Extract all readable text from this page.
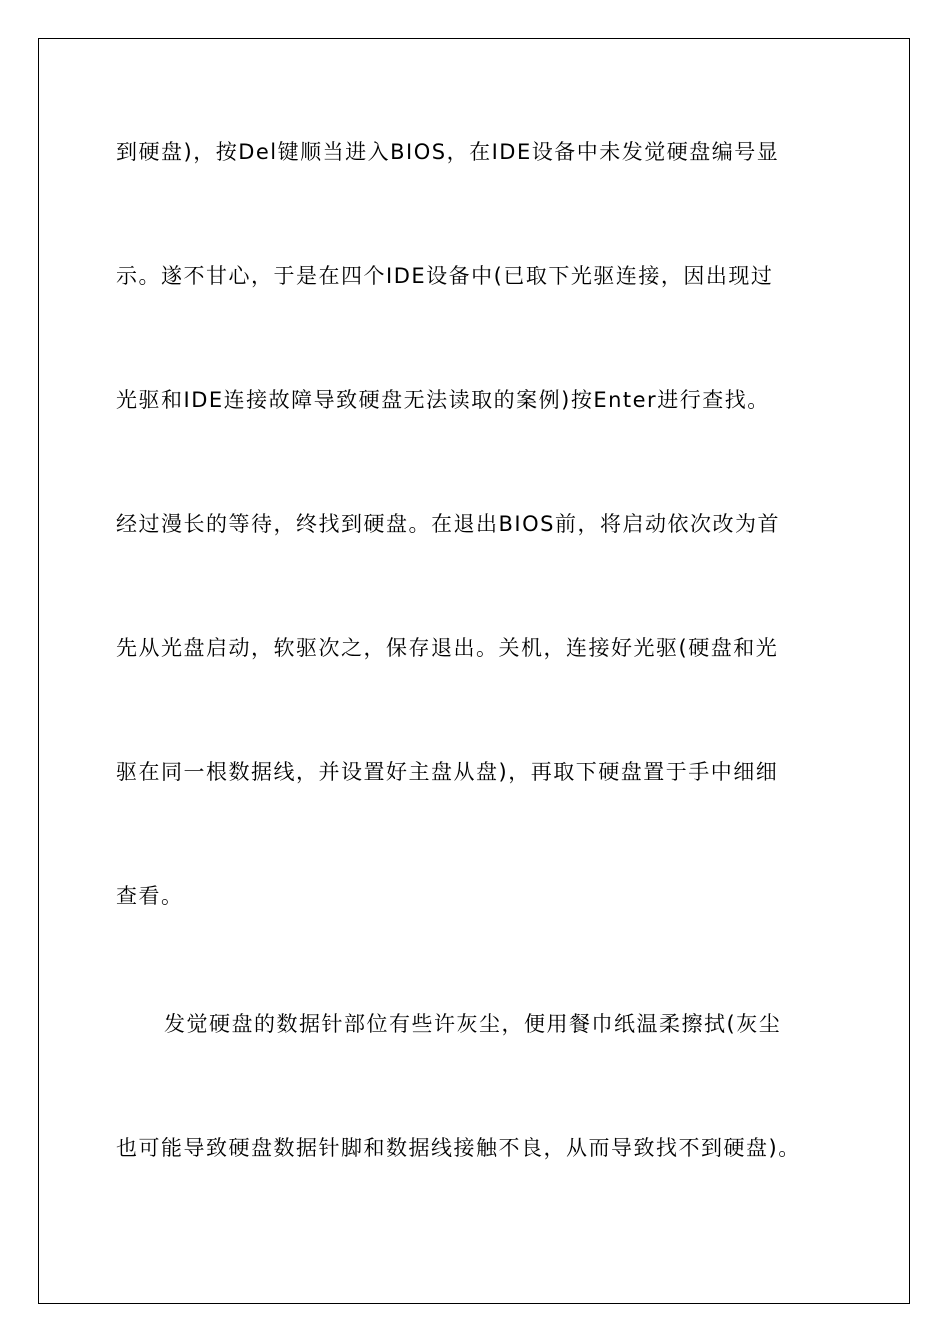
到硬盘)，按Del键顺当进入BIOS，在IDE设备中未发觉硬盘编号显
示。遂不甘心，于是在四个IDE设备中(已取下光驱连接，因出现过
光驱和IDE连接故障导致硬盘无法读取的案例)按Enter进行查找。
经过漫长的等待，终找到硬盘。在退出BIOS前，将启动依次改为首
先从光盘启动，软驱次之，保存退出。关机，连接好光驱(硬盘和光
驱在同一根数据线，并设置好主盘从盘)，再取下硬盘置于手中细细
查看。
发觉硬盘的数据针部位有些许灰尘，便用餐巾纸温柔擦拭(灰尘
也可能导致硬盘数据针脚和数据线接触不良，从而导致找不到硬盘)。
